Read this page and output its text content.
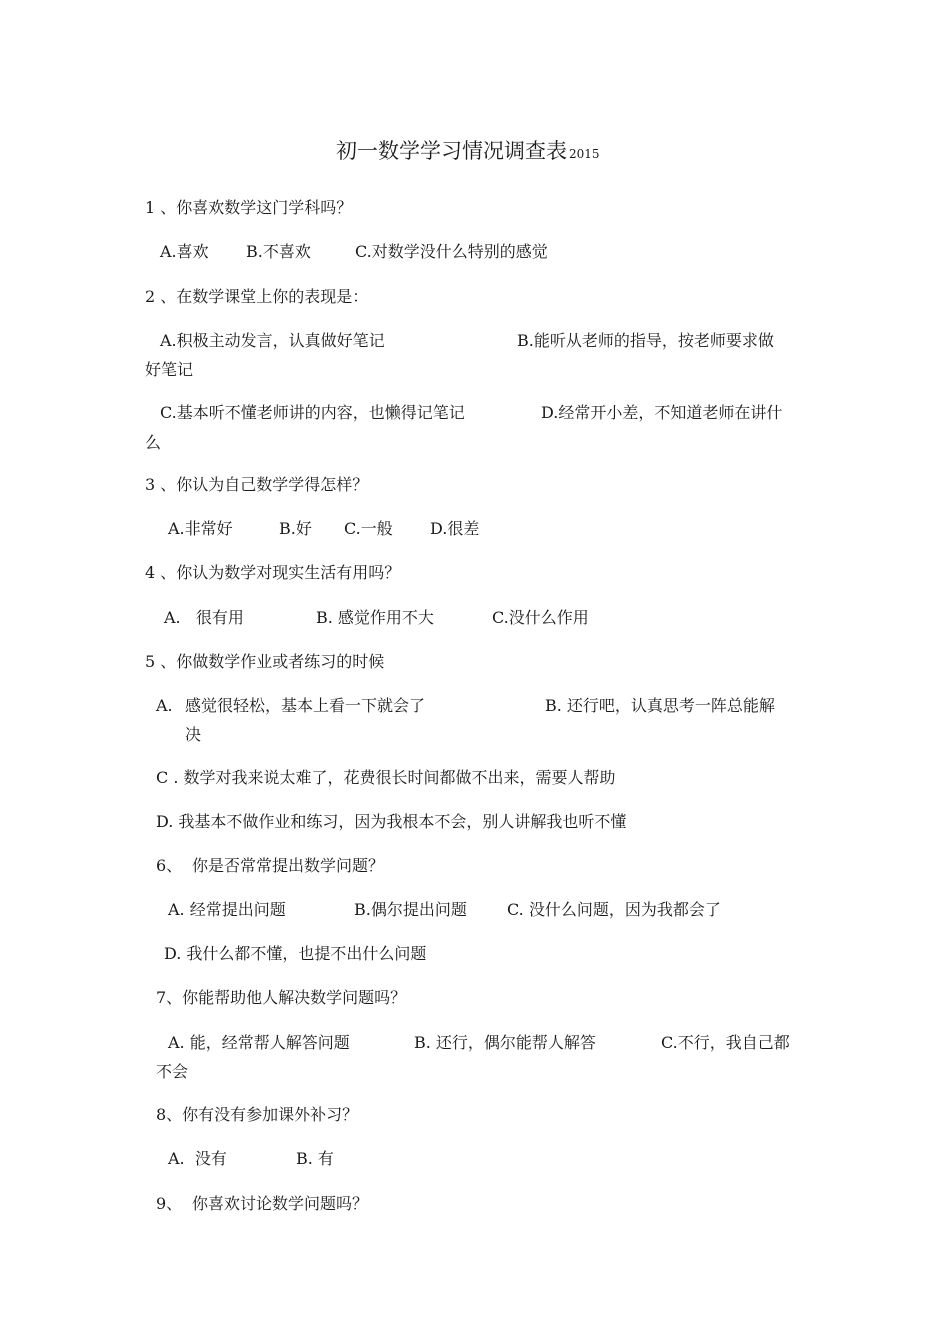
初一数学学习情况调查表 2015
1 、你喜欢数学这门学科吗？
A.喜欢 B.不喜欢	C.对数学没什么特别的感觉
2 、在数学课堂上你的表现是：
A.积极主动发言，认真做好笔记	B.能听从老师的指导，按老师要求做
好笔记
C.基本听不懂老师讲的内容，也懒得记笔记	D.经常开小差，不知道老师在讲什
么
3 、你认为自己数学学得怎样？
A.非常好	B.好 C.一般 D.很差
4 、你认为数学对现实生活有用吗？
A.   很有用	B. 感觉作用不大	C.没什么作用
5 、你做数学作业或者练习的时候
A. 感觉很轻松，基本上看一下就会了	B. 还行吧，认真思考一阵总能解
决
C . 数学对我来说太难了，花费很长时间都做不出来，需要人帮助
D. 我基本不做作业和练习，因为我根本不会，别人讲解我也听不懂
6、 你是否常常提出数学问题？
A. 经常提出问题	B.偶尔提出问题	C. 没什么问题，因为我都会了
D. 我什么都不懂，也提不出什么问题
7、你能帮助他人解决数学问题吗？
A. 能，经常帮人解答问题	B. 还行，偶尔能帮人解答	C.不行，我自己都
不会
8、你有没有参加课外补习？
A.  没有	B. 有
9、 你喜欢讨论数学问题吗？
